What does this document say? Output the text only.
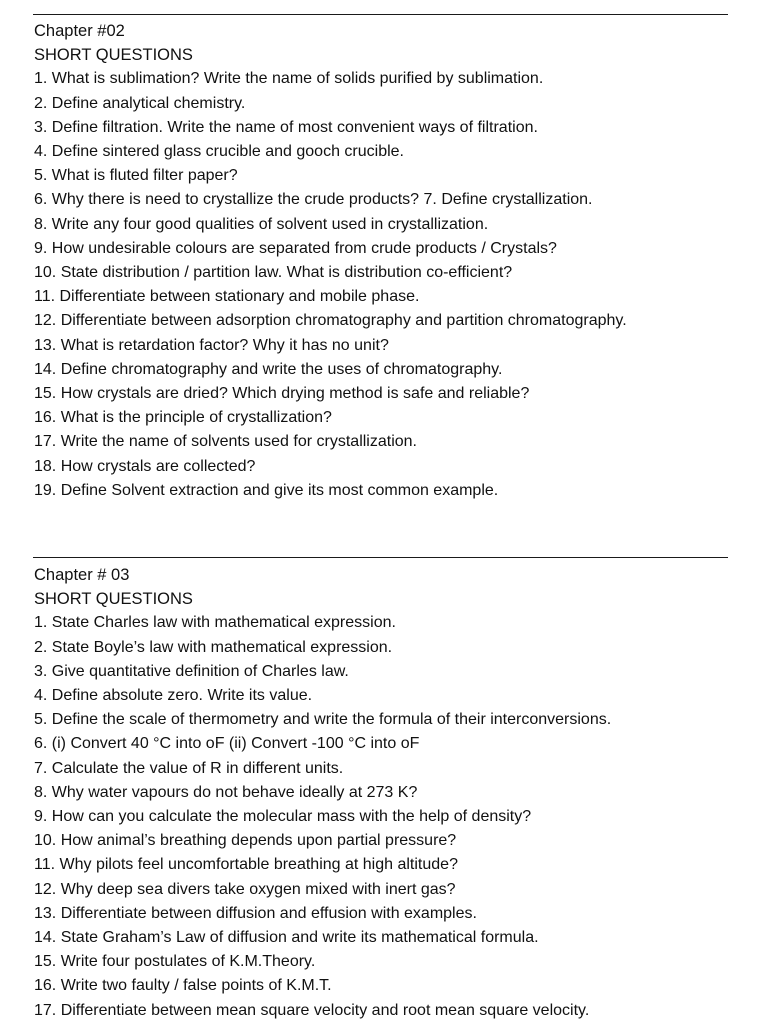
Chapter #02
SHORT QUESTIONS
1. What is sublimation? Write the name of solids purified by sublimation.
2. Define analytical chemistry.
3. Define filtration. Write the name of most convenient ways of filtration.
4. Define sintered glass crucible and gooch crucible.
5. What is fluted filter paper?
6. Why there is need to crystallize the crude products? 7. Define crystallization.
8. Write any four good qualities of solvent used in crystallization.
9. How undesirable colours are separated from crude products / Crystals?
10. State distribution / partition law. What is distribution co-efficient?
11. Differentiate between stationary and mobile phase.
12. Differentiate between adsorption chromatography and partition chromatography.
13. What is retardation factor? Why it has no unit?
14. Define chromatography and write the uses of chromatography.
15. How crystals are dried? Which drying method is safe and reliable?
16. What is the principle of crystallization?
17. Write the name of solvents used for crystallization.
18. How crystals are collected?
19. Define Solvent extraction and give its most common example.
Chapter # 03
SHORT QUESTIONS
1. State Charles law with mathematical expression.
2. State Boyle’s law with mathematical expression.
3. Give quantitative definition of Charles law.
4. Define absolute zero. Write its value.
5. Define the scale of thermometry and write the formula of their interconversions.
6. (i) Convert 40 °C into oF (ii) Convert -100 °C into oF
7. Calculate the value of R in different units.
8. Why water vapours do not behave ideally at 273 K?
9. How can you calculate the molecular mass with the help of density?
10. How animal’s breathing depends upon partial pressure?
11. Why pilots feel uncomfortable breathing at high altitude?
12. Why deep sea divers take oxygen mixed with inert gas?
13. Differentiate between diffusion and effusion with examples.
14. State Graham’s Law of diffusion and write its mathematical formula.
15. Write four postulates of K.M.Theory.
16. Write two faulty / false points of K.M.T.
17. Differentiate between mean square velocity and root mean square velocity.
